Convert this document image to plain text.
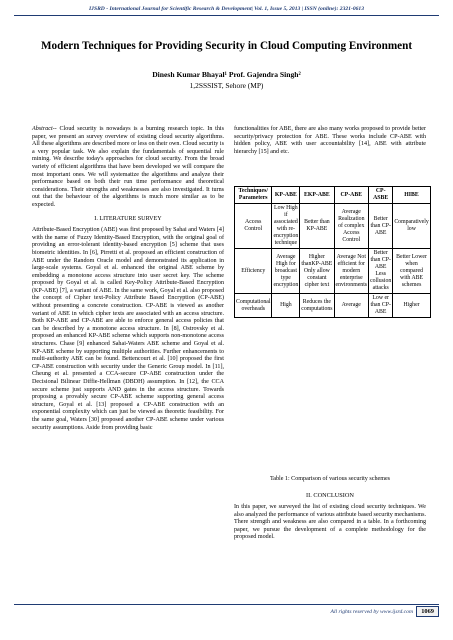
IJSRD - International Journal for Scientific Research & Development| Vol. 1, Issue 5, 2013 | ISSN (online): 2321-0613
Modern Techniques for Providing Security in Cloud Computing Environment
Dinesh Kumar Bhayal¹ Prof. Gajendra Singh²
1,2SSSIST, Sehore (MP)

Abstract-- Cloud security is nowadays is a burning research topic. In this paper, we present an survey overview of existing cloud security algorithms. All these algorithms are described more or less on their own. Cloud security is a very popular task. We also explain the fundamentals of sequential rule mining. We describe today's approaches for cloud security. From the broad variety of efficient algorithms that have been developed we will compare the most important ones. We will systematize the algorithms and analyze their performance based on both their run time performance and theoretical considerations. Their strengths and weaknesses are also investigated. It turns out that the behaviour of the algorithms is much more similar as to be expected.

I. LITERATURE SURVEY

Attribute-Based Encryption (ABE) was first proposed by Sahai and Waters [4] with the name of Fuzzy Identity-Based Encryption, with the original goal of providing an error-tolerant identity-based encryption [5] scheme that uses biometric identities. In [6], Pirretti et al. proposed an efficient construction of ABE under the Random Oracle model and demonstrated its application in large-scale systems. Goyal et al. enhanced the original ABE scheme by embedding a monotone access structure into user secret key. The scheme proposed by Goyal et al. is called Key-Policy Attribute-Based Encryption (KP-ABE) [7], a variant of ABE. In the same work, Goyal et al. also proposed the concept of Cipher text-Policy Attribute Based Encryption (CP-ABE) without presenting a concrete construction. CP-ABE is viewed as another variant of ABE in which cipher texts are associated with an access structure. Both KP-ABE and CP-ABE are able to enforce general access policies that can be described by a monotone access structure. In [8], Ostrovsky et al. proposed an enhanced KP-ABE scheme which supports non-monotone access structures. Chase [9] enhanced Sahai-Waters ABE scheme and Goyal et al. KP-ABE scheme by supporting multiple authorities. Further enhancements to multi-authority ABE can be found. Bettencourt et al. [10] proposed the first CP-ABE construction with security under the Generic Group model. In [11], Cheung et al. presented a CCA-secure CP-ABE construction under the Decisional Bilinear Diffie-Hellman (DBDH) assumption. In [12], the CCA secure scheme just supports AND gates in the access structure. Towards proposing a provably secure CP-ABE scheme supporting general access structure, Goyal et al. [13] proposed a CP-ABE construction with an exponential complexity which can just be viewed as theoretic feasibility. For the same goal, Waters [30] proposed another CP-ABE scheme under various security assumptions. Aside from providing basic

functionalities for ABE, there are also many works proposed to provide better security/privacy protection for ABE. These works include CP-ABE with hidden policy, ABE with user accountability [14], ABE with attribute hierarchy [15] and etc.

Techniques/ Parameters	KP-ABE	EKP-ABE	CP-ABE	CP-ASBE	HIBE
Access Control	Low High if associated with re-encryption technique	Better than KP-ABE	Average Realization of complex Access Control	Better than CP-ABE	Comparatively low
Efficiency	Average High for broadcast type encryption	Higher thanKP-ABE Only allow constant cipher text	Average Not efficient for modern enterprise environments	Better than CP-ABE Less collusion attacks	Better Lower when compared with ABE schemes
Computational overheads	High	Reduces the computations	Average	Low er than CP-ABE	Higher
Table 1: Comparison of various security schemes
II. CONCLUSION
In this paper, we surveyed the list of existing cloud security techniques. We also analyzed the performance of various attribute based security mechanisms. There strength and weakness are also compared in a table. In a forthcoming paper, we pursue the development of a complete methodology for the proposed model.
All rights reserved by www.ijsrd.com	1069
